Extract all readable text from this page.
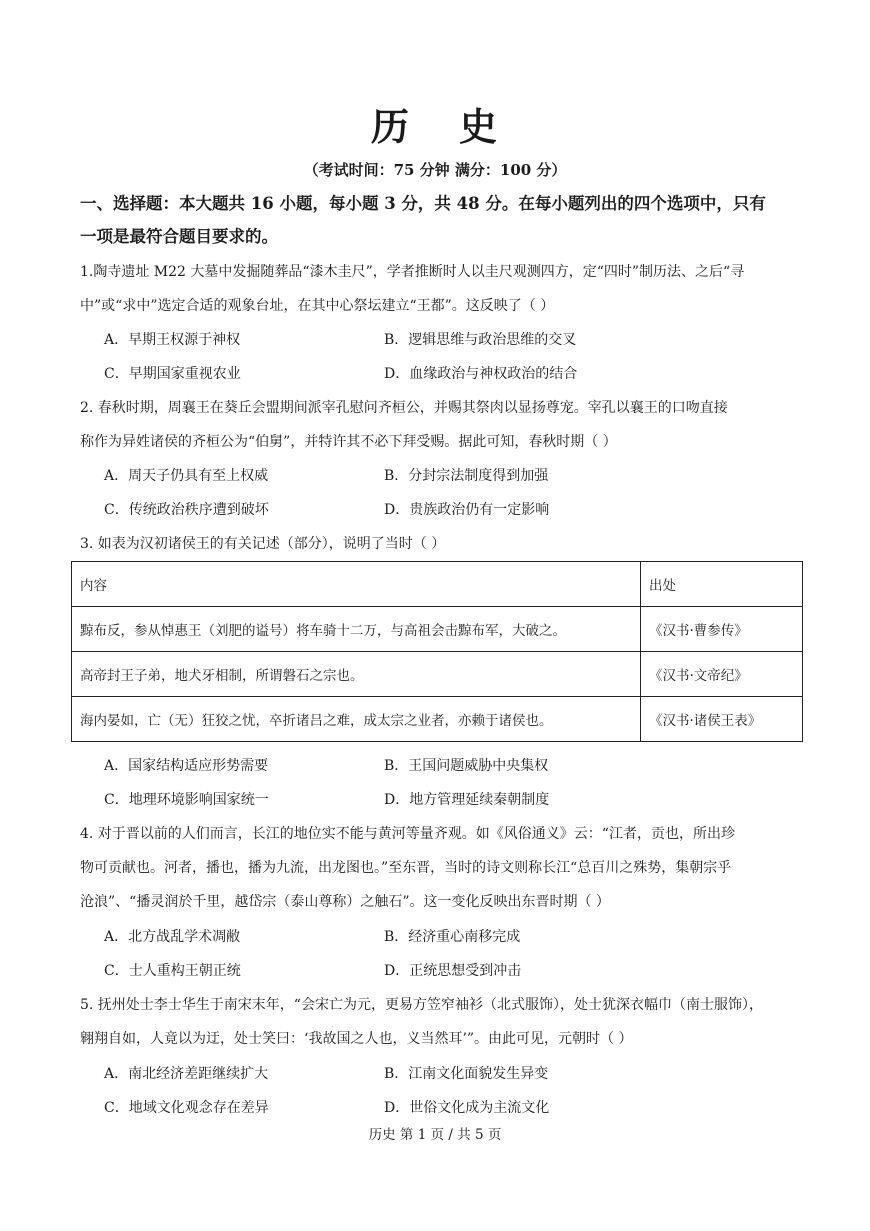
历 史
（考试时间：75 分钟 满分：100 分）
一、选择题：本大题共 16 小题，每小题 3 分，共 48 分。在每小题列出的四个选项中，只有
一项是最符合题目要求的。
1.陶寺遗址 M22 大墓中发掘随葬品“漆木圭尺”，学者推断时人以圭尺观测四方，定“四时”制历法、之后“寻
中”或“求中”选定合适的观象台址，在其中心祭坛建立“王都”。这反映了（ ）
A．早期王权源于神权	B．逻辑思维与政治思维的交叉
C．早期国家重视农业	D．血缘政治与神权政治的结合
2. 春秋时期，周襄王在葵丘会盟期间派宰孔慰问齐桓公，并赐其祭肉以显扬尊宠。宰孔以襄王的口吻直接
称作为异姓诸侯的齐桓公为“伯舅”，并特许其不必下拜受赐。据此可知，春秋时期（ ）
A．周天子仍具有至上权威	B．分封宗法制度得到加强
C．传统政治秩序遭到破坏	D．贵族政治仍有一定影响
3. 如表为汉初诸侯王的有关记述（部分），说明了当时（ ）
内容	出处
黥布反，参从悼惠王（刘肥的谥号）将车骑十二万，与高祖会击黥布军，大破之。	《汉书·曹参传》
高帝封王子弟，地犬牙相制，所谓磐石之宗也。	《汉书·文帝纪》
海内晏如，亡（无）狂狡之忧，卒折诸吕之难，成太宗之业者，亦赖于诸侯也。	《汉书·诸侯王表》
A．国家结构适应形势需要	B．王国问题威胁中央集权
C．地理环境影响国家统一	D．地方管理延续秦朝制度
4. 对于晋以前的人们而言，长江的地位实不能与黄河等量齐观。如《风俗通义》云：“江者，贡也，所出珍
物可贡献也。河者，播也，播为九流，出龙图也。”至东晋，当时的诗文则称长江“总百川之殊势，集朝宗乎
沧浪”、“播灵润於千里，越岱宗（泰山尊称）之触石”。这一变化反映出东晋时期（ ）
A．北方战乱学术凋敝	B．经济重心南移完成
C．士人重构王朝正统	D．正统思想受到冲击
5. 抚州处士李士华生于南宋末年，“会宋亡为元，更易方笠窄袖衫（北式服饰），处士犹深衣幅巾（南士服饰），
翱翔自如，人竟以为迂，处士笑曰：‘我故国之人也，义当然耳’”。由此可见，元朝时（ ）
A．南北经济差距继续扩大	B．江南文化面貌发生异变
C．地域文化观念存在差异	D．世俗文化成为主流文化
历史 第 1 页 / 共 5 页
